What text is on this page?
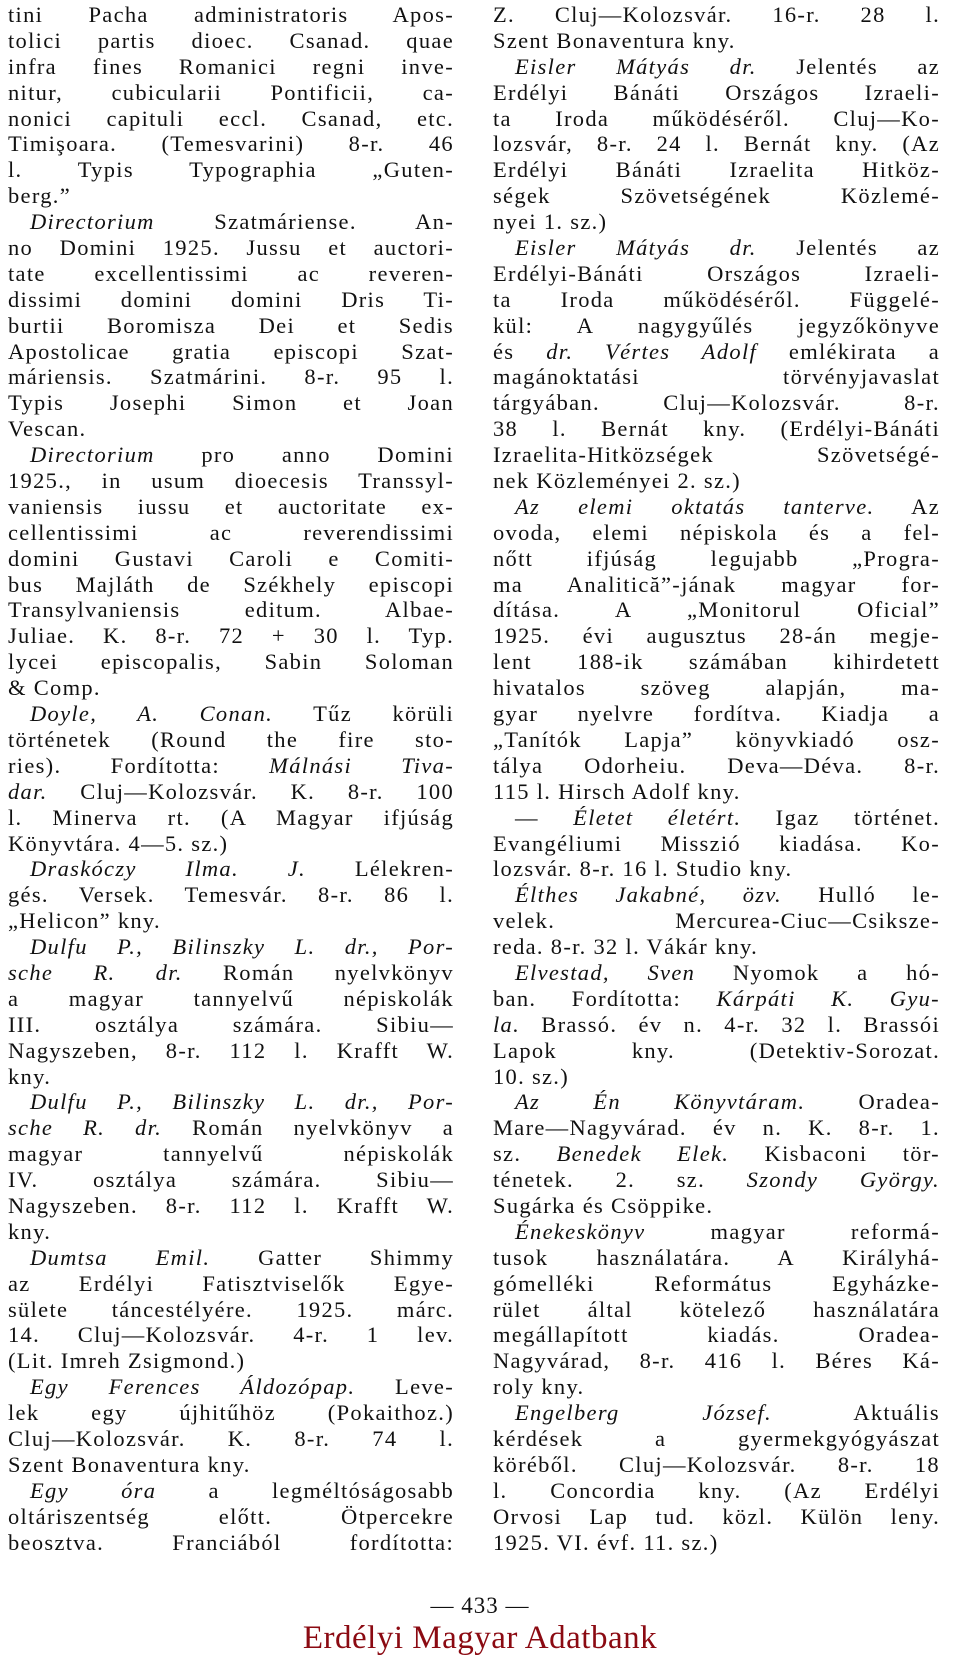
tini Pacha administratoris Apos-
tolici partis dioec. Csanad. quae
infra fines Romanici regni inve-
nitur, cubicularii Pontificii, ca-
nonici capituli eccl. Csanad, etc.
Timişoara. (Temesvarini) 8-r. 46
l. Typis Typographia „Guten-
berg.”
Directorium Szatmáriense. An-
no Domini 1925. Jussu et auctori-
tate excellentissimi ac reveren-
dissimi domini domini Dris Ti-
burtii Boromisza Dei et Sedis
Apostolicae gratia episcopi Szat-
máriensis. Szatmárini. 8-r. 95 l.
Typis Josephi Simon et Joan
Vescan.
Directorium pro anno Domini
1925., in usum dioecesis Transsyl-
vaniensis iussu et auctoritate ex-
cellentissimi ac reverendissimi
domini Gustavi Caroli e Comiti-
bus Majláth de Székhely episcopi
Transylvaniensis editum. Albae-
Juliae. K. 8-r. 72 + 30 l. Typ.
lycei episcopalis, Sabin Soloman
& Comp.
Doyle, A. Conan. Tűz körüli
történetek (Round the fire sto-
ries). Fordította: Málnási Tiva-
dar. Cluj—Kolozsvár. K. 8-r. 100
l. Minerva rt. (A Magyar ifjúság
Könyvtára. 4—5. sz.)
Draskóczy Ilma. J. Lélekren-
gés. Versek. Temesvár. 8-r. 86 l.
„Helicon” kny.
Dulfu P., Bilinszky L. dr., Por-
sche R. dr. Román nyelvkönyv
a magyar tannyelvű népiskolák
III. osztálya számára. Sibiu—
Nagyszeben, 8-r. 112 l. Krafft W.
kny.
Dulfu P., Bilinszky L. dr., Por-
sche R. dr. Román nyelvkönyv a
magyar tannyelvű népiskolák
IV. osztálya számára. Sibiu—
Nagyszeben. 8-r. 112 l. Krafft W.
kny.
Dumtsa Emil. Gatter Shimmy
az Erdélyi Fatisztviselők Egye-
sülete táncestélyére. 1925. márc.
14. Cluj—Kolozsvár. 4-r. 1 lev.
(Lit. Imreh Zsigmond.)
Egy Ferences Áldozópap. Leve-
lek egy újhitűhöz (Pokaithoz.)
Cluj—Kolozsvár. K. 8-r. 74 l.
Szent Bonaventura kny.
Egy óra a legméltóságosabb
oltáriszentség előtt. Ötpercekre
beosztva. Franciából fordította:
Z. Cluj—Kolozsvár. 16-r. 28 l.
Szent Bonaventura kny.
Eisler Mátyás dr. Jelentés az
Erdélyi Bánáti Országos Izraeli-
ta Iroda működéséről. Cluj—Ko-
lozsvár, 8-r. 24 l. Bernát kny. (Az
Erdélyi Bánáti Izraelita Hitköz-
ségek Szövetségének Közlemé-
nyei 1. sz.)
Eisler Mátyás dr. Jelentés az
Erdélyi-Bánáti Országos Izraeli-
ta Iroda működéséről. Függelé-
kül: A nagygyűlés jegyzőkönyve
és dr. Vértes Adolf emlékirata a
magánoktatási törvényjavaslat
tárgyában. Cluj—Kolozsvár. 8-r.
38 l. Bernát kny. (Erdélyi-Bánáti
Izraelita-Hitközségek Szövetségé-
nek Közleményei 2. sz.)
Az elemi oktatás tanterve. Az
ovoda, elemi népiskola és a fel-
nőtt ifjúság legujabb „Progra-
ma Analitică”-jának magyar for-
dítása. A „Monitorul Oficial”
1925. évi augusztus 28-án megje-
lent 188-ik számában kihirdetett
hivatalos szöveg alapján, ma-
gyar nyelvre fordítva. Kiadja a
„Tanítók Lapja” könyvkiadó osz-
tálya Odorheiu. Deva—Déva. 8-r.
115 l. Hirsch Adolf kny.
— Életet életért. Igaz történet.
Evangéliumi Misszió kiadása. Ko-
lozsvár. 8-r. 16 l. Studio kny.
Élthes Jakabné, özv. Hulló le-
velek. Mercurea-Ciuc—Csiksze-
reda. 8-r. 32 l. Vákár kny.
Elvestad, Sven Nyomok a hó-
ban. Fordította: Kárpáti K. Gyu-
la. Brassó. év n. 4-r. 32 l. Brassói
Lapok kny. (Detektiv-Sorozat.
10. sz.)
Az Én Könyvtáram. Oradea-
Mare—Nagyvárad. év n. K. 8-r. 1.
sz. Benedek Elek. Kisbaconi tör-
ténetek. 2. sz. Szondy György.
Sugárka és Csöppike.
Énekeskönyv magyar reformá-
tusok használatára. A Királyhá-
gómelléki Református Egyházke-
rület által kötelező használatára
megállapított kiadás. Oradea-
Nagyvárad, 8-r. 416 l. Béres Ká-
roly kny.
Engelberg József. Aktuális
kérdések a gyermekgyógyászat
köréből. Cluj—Kolozsvár. 8-r. 18
l. Concordia kny. (Az Erdélyi
Orvosi Lap tud. közl. Külön leny.
1925. VI. évf. 11. sz.)
— 433 —
Erdélyi Magyar Adatbank
